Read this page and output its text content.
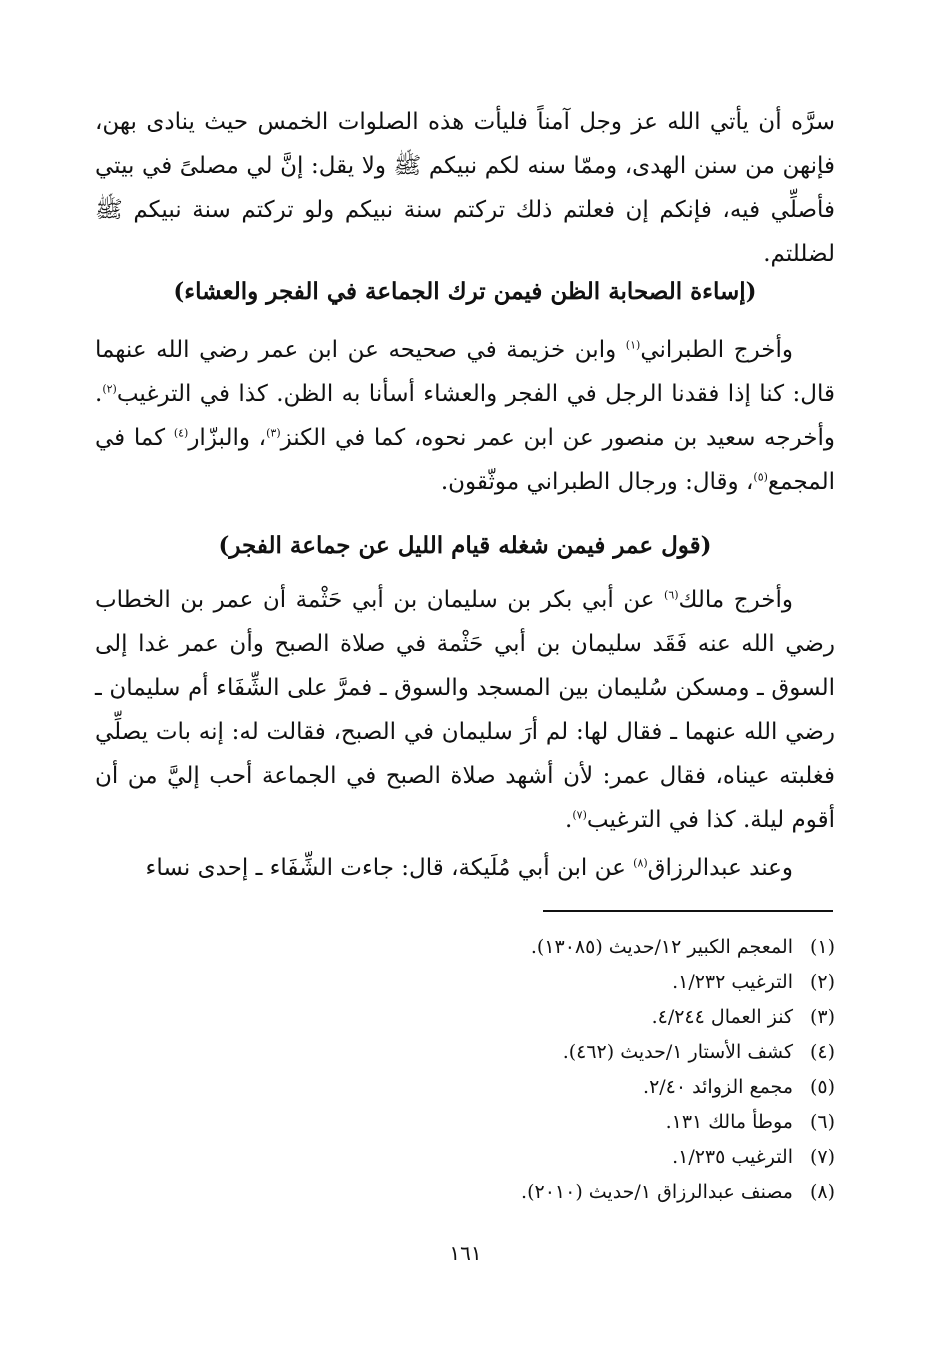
سرَّه أن يأتي الله عز وجل آمناً فليأت هذه الصلوات الخمس حيث ينادى بهن، فإنهن من سنن الهدى، وممّا سنه لكم نبيكم ﷺ ولا يقل: إنَّ لي مصلىً في بيتي فأصلِّي فيه، فإنكم إن فعلتم ذلك تركتم سنة نبيكم ولو تركتم سنة نبيكم ﷺ لضللتم.

(إساءة الصحابة الظن فيمن ترك الجماعة في الفجر والعشاء)

وأخرج الطبراني$^{(١)}$ وابن خزيمة في صحيحه عن ابن عمر رضي الله عنهما قال: كنا إذا فقدنا الرجل في الفجر والعشاء أسأنا به الظن. كذا في الترغيب$^{(٢)}$. وأخرجه سعيد بن منصور عن ابن عمر نحوه، كما في الكنز$^{(٣)}$، والبزّار$^{(٤)}$ كما في المجمع$^{(٥)}$، وقال: ورجال الطبراني موثّقون.

(قول عمر فيمن شغله قيام الليل عن جماعة الفجر)

وأخرج مالك$^{(٦)}$ عن أبي بكر بن سليمان بن أبي حَثْمة أن عمر بن الخطاب رضي الله عنه فَقَد سليمان بن أبي حَثْمة في صلاة الصبح وأن عمر غدا إلى السوق ـ ومسكن سُليمان بين المسجد والسوق ـ فمرَّ على الشِّفَاء أم سليمان ـ رضي الله عنهما ـ فقال لها: لم أرَ سليمان في الصبح، فقالت له: إنه بات يصلِّي فغلبته عيناه، فقال عمر: لأن أشهد صلاة الصبح في الجماعة أحب إليَّ من أن أقوم ليلة. كذا في الترغيب$^{(٧)}$.

وعند عبدالرزاق$^{(٨)}$ عن ابن أبي مُلَيكة، قال: جاءت الشِّفَاء ـ إحدى نساء

(١)
المعجم الكبير ١٢/حديث (١٣٠٨٥).
(٢)
الترغيب ١/٢٣٢.
(٣)
كنز العمال ٤/٢٤٤.
(٤)
كشف الأستار ١/حديث (٤٦٢).
(٥)
مجمع الزوائد ٢/٤٠.
(٦)
موطأ مالك ١٣١.
(٧)
الترغيب ١/٢٣٥.
(٨)
مصنف عبدالرزاق ١/حديث (٢٠١٠).
١٦١
